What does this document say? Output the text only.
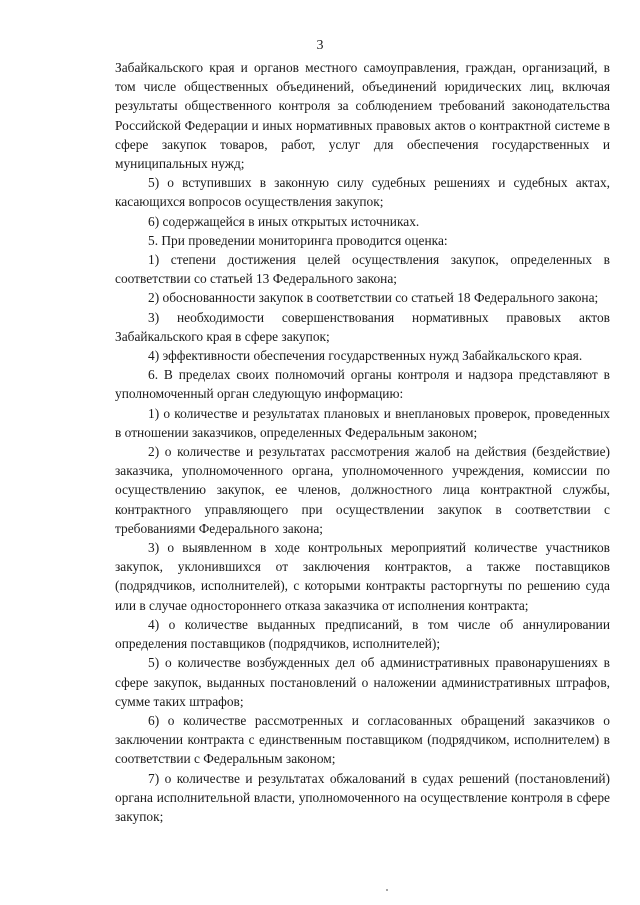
3

Забайкальского края и органов местного самоуправления, граждан, организаций, в том числе общественных объединений, объединений юридических лиц, включая результаты общественного контроля за соблюдением требований законодательства Российской Федерации и иных нормативных правовых актов о контрактной системе в сфере закупок товаров, работ, услуг для обеспечения государственных и муниципальных нужд;

5) о вступивших в законную силу судебных решениях и судебных актах, касающихся вопросов осуществления закупок;

6) содержащейся в иных открытых источниках.

5. При проведении мониторинга проводится оценка:

1) степени достижения целей осуществления закупок, определенных в соответствии со статьей 13 Федерального закона;

2) обоснованности закупок в соответствии со статьей 18 Федерального закона;

3) необходимости совершенствования нормативных правовых актов Забайкальского края в сфере закупок;

4) эффективности обеспечения государственных нужд Забайкальского края.

6. В пределах своих полномочий органы контроля и надзора представляют в уполномоченный орган следующую информацию:

1) о количестве и результатах плановых и внеплановых проверок, проведенных в отношении заказчиков, определенных Федеральным законом;

2) о количестве и результатах рассмотрения жалоб на действия (бездействие) заказчика, уполномоченного органа, уполномоченного учреждения, комиссии по осуществлению закупок, ее членов, должностного лица контрактной службы, контрактного управляющего при осуществлении закупок в соответствии с требованиями Федерального закона;

3) о выявленном в ходе контрольных мероприятий количестве участников закупок, уклонившихся от заключения контрактов, а также поставщиков (подрядчиков, исполнителей), с которыми контракты расторгнуты по решению суда или в случае одностороннего отказа заказчика от исполнения контракта;

4) о количестве выданных предписаний, в том числе об аннулировании определения поставщиков (подрядчиков, исполнителей);

5) о количестве возбужденных дел об административных правонарушениях в сфере закупок, выданных постановлений о наложении административных штрафов, сумме таких штрафов;

6) о количестве рассмотренных и согласованных обращений заказчиков о заключении контракта с единственным поставщиком (подрядчиком, исполнителем) в соответствии с Федеральным законом;

7) о количестве и результатах обжалований в судах решений (постановлений) органа исполнительной власти, уполномоченного на осуществление контроля в сфере закупок;
